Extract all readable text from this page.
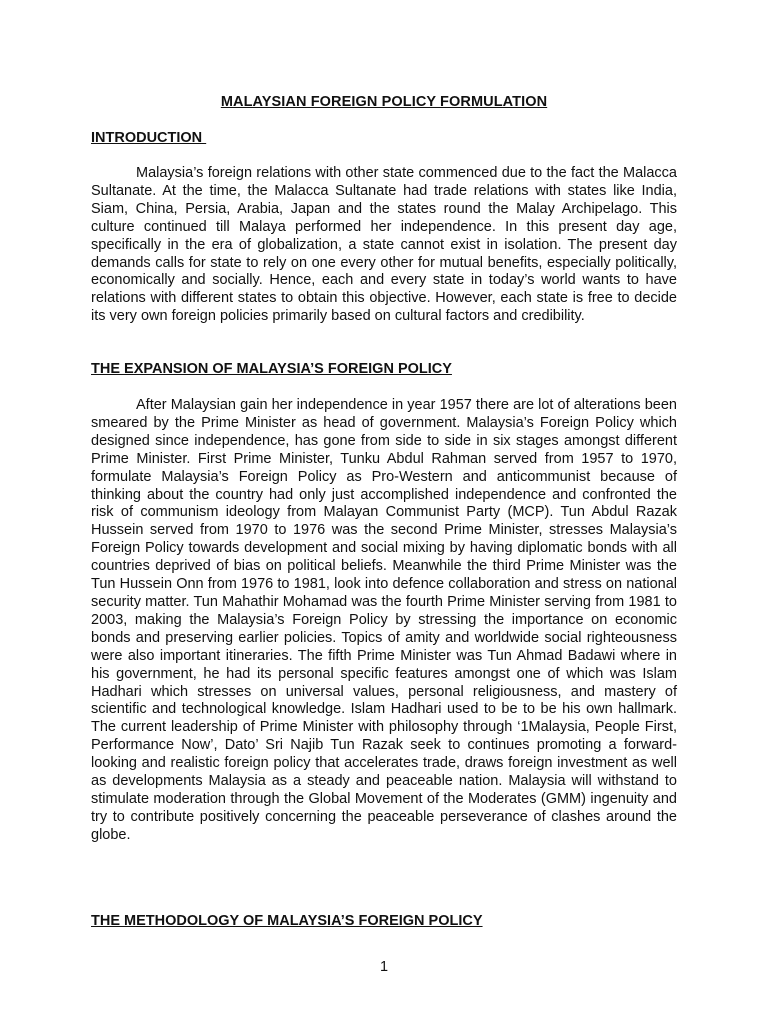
MALAYSIAN FOREIGN POLICY FORMULATION
INTRODUCTION

Malaysia’s foreign relations with other state commenced due to the fact the Malacca Sultanate. At the time, the Malacca Sultanate had trade relations with states like India, Siam, China, Persia, Arabia, Japan and the states round the Malay Archipelago. This culture continued till Malaya performed her independence. In this present day age, specifically in the era of globalization, a state cannot exist in isolation. The present day demands calls for state to rely on one every other for mutual benefits, especially politically, economically and socially. Hence, each and every state in today’s world wants to have relations with different states to obtain this objective. However, each state is free to decide its very own foreign policies primarily based on cultural factors and credibility.

THE EXPANSION OF MALAYSIA’S FOREIGN POLICY

After Malaysian gain her independence in year 1957 there are lot of alterations been smeared by the Prime Minister as head of government. Malaysia’s Foreign Policy which designed since independence, has gone from side to side in six stages amongst different Prime Minister. First Prime Minister, Tunku Abdul Rahman served from 1957 to 1970, formulate Malaysia’s Foreign Policy as Pro-Western and anticommunist because of thinking about the country had only just accomplished independence and confronted the risk of communism ideology from Malayan Communist Party (MCP). Tun Abdul Razak Hussein served from 1970 to 1976 was the second Prime Minister, stresses Malaysia’s Foreign Policy towards development and social mixing by having diplomatic bonds with all countries deprived of bias on political beliefs. Meanwhile the third Prime Minister was the Tun Hussein Onn from 1976 to 1981, look into defence collaboration and stress on national security matter. Tun Mahathir Mohamad was the fourth Prime Minister serving from 1981 to 2003, making the Malaysia’s Foreign Policy by stressing the importance on economic bonds and preserving earlier policies. Topics of amity and worldwide social righteousness were also important itineraries. The fifth Prime Minister was Tun Ahmad Badawi where in his government, he had its personal specific features amongst one of which was Islam Hadhari which stresses on universal values, personal religiousness, and mastery of scientific and technological knowledge. Islam Hadhari used to be to be his own hallmark. The current leadership of Prime Minister with philosophy through ‘1Malaysia, People First, Performance Now’, Dato’ Sri Najib Tun Razak seek to continues promoting a forward-looking and realistic foreign policy that accelerates trade, draws foreign investment as well as developments Malaysia as a steady and peaceable nation. Malaysia will withstand to stimulate moderation through the Global Movement of the Moderates (GMM) ingenuity and try to contribute positively concerning the peaceable perseverance of clashes around the globe.

THE METHODOLOGY OF MALAYSIA’S FOREIGN POLICY
1
